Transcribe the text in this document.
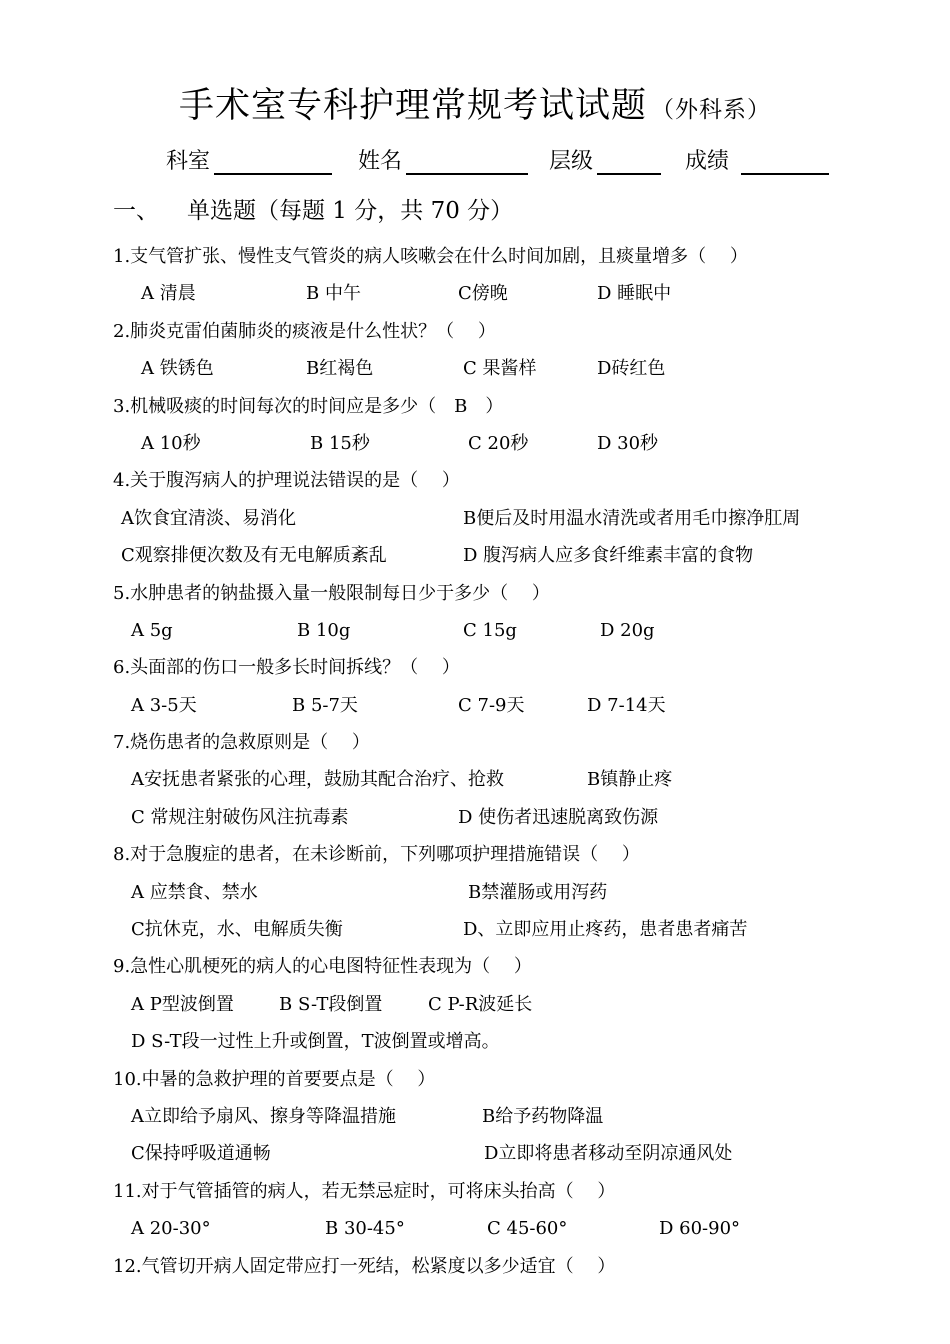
手术室专科护理常规考试试题 （外科系）
科室	姓名	层级	成绩
一、 单选题（每题 1 分，共 70 分）
1.支气管扩张、慢性支气管炎的病人咳嗽会在什么时间加剧，且痰量增多（　 ）
A 清晨	B 中午	C傍晚	D 睡眠中
2.肺炎克雷伯菌肺炎的痰液是什么性状？（　 ）
A 铁锈色	B红褐色	C 果酱样	D砖红色
3.机械吸痰的时间每次的时间应是多少（　B　）
A 10秒	B 15秒	C 20秒	D 30秒
4.关于腹泻病人的护理说法错误的是（　 ）
A饮食宜清淡、易消化	B便后及时用温水清洗或者用毛巾擦净肛周
C观察排便次数及有无电解质紊乱	D 腹泻病人应多食纤维素丰富的食物
5.水肿患者的钠盐摄入量一般限制每日少于多少（　 ）
A 5g	B 10g	C 15g	D 20g
6.头面部的伤口一般多长时间拆线？（　 ）
A 3-5天	B 5-7天	C 7-9天	D 7-14天
7.烧伤患者的急救原则是（　 ）
A安抚患者紧张的心理，鼓励其配合治疗、抢救	B镇静止疼
C 常规注射破伤风注抗毒素	D 使伤者迅速脱离致伤源
8.对于急腹症的患者，在未诊断前，下列哪项护理措施错误（　 ）
A 应禁食、禁水	B禁灌肠或用泻药
C抗休克，水、电解质失衡	D、立即应用止疼药，患者患者痛苦
9.急性心肌梗死的病人的心电图特征性表现为（　 ）
A P型波倒置	B S-T段倒置	C P-R波延长
D S-T段一过性上升或倒置，T波倒置或增高。
10.中暑的急救护理的首要要点是（　 ）
A立即给予扇风、擦身等降温措施	B给予药物降温
C保持呼吸道通畅	D立即将患者移动至阴凉通风处
11.对于气管插管的病人，若无禁忌症时，可将床头抬高（　 ）
A 20-30°	B 30-45°	C 45-60°	D 60-90°
12.气管切开病人固定带应打一死结，松紧度以多少适宜（　 ）
